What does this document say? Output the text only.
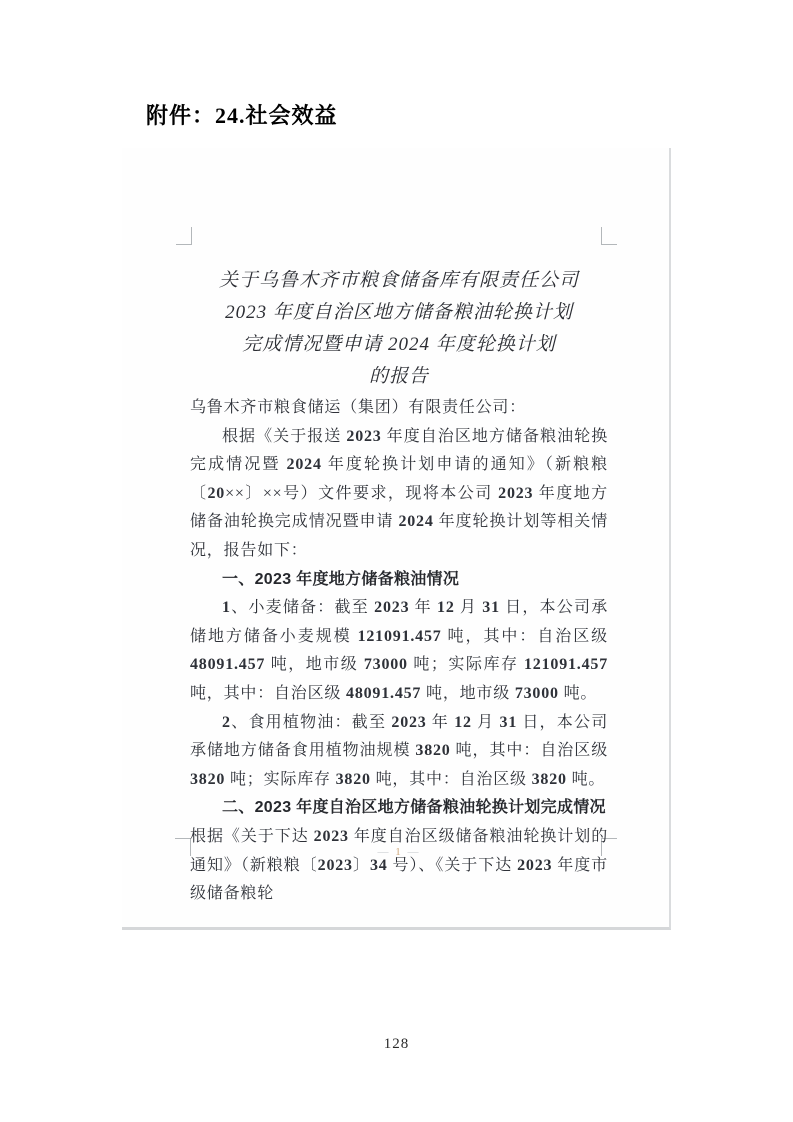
附件：24.社会效益
关于乌鲁木齐市粮食储备库有限责任公司
2023 年度自治区地方储备粮油轮换计划
完成情况暨申请 2024 年度轮换计划
的报告

乌鲁木齐市粮食储运（集团）有限责任公司：

根据《关于报送 2023 年度自治区地方储备粮油轮换完成情况暨 2024 年度轮换计划申请的通知》（新粮粮〔20××〕××号）文件要求，现将本公司 2023 年度地方储备油轮换完成情况暨申请 2024 年度轮换计划等相关情况，报告如下：

一、2023 年度地方储备粮油情况

1、小麦储备：截至 2023 年 12 月 31 日，本公司承储地方储备小麦规模 121091.457 吨，其中：自治区级 48091.457 吨，地市级 73000 吨；实际库存 121091.457 吨，其中：自治区级 48091.457 吨，地市级 73000 吨。

2、食用植物油：截至 2023 年 12 月 31 日，本公司承储地方储备食用植物油规模 3820 吨，其中：自治区级 3820 吨；实际库存 3820 吨，其中：自治区级 3820 吨。

二、2023 年度自治区地方储备粮油轮换计划完成情况

根据《关于下达 2023 年度自治区级储备粮油轮换计划的通知》（新粮粮〔2023〕34 号）、《关于下达 2023 年度市级储备粮轮

— 1 —
128
